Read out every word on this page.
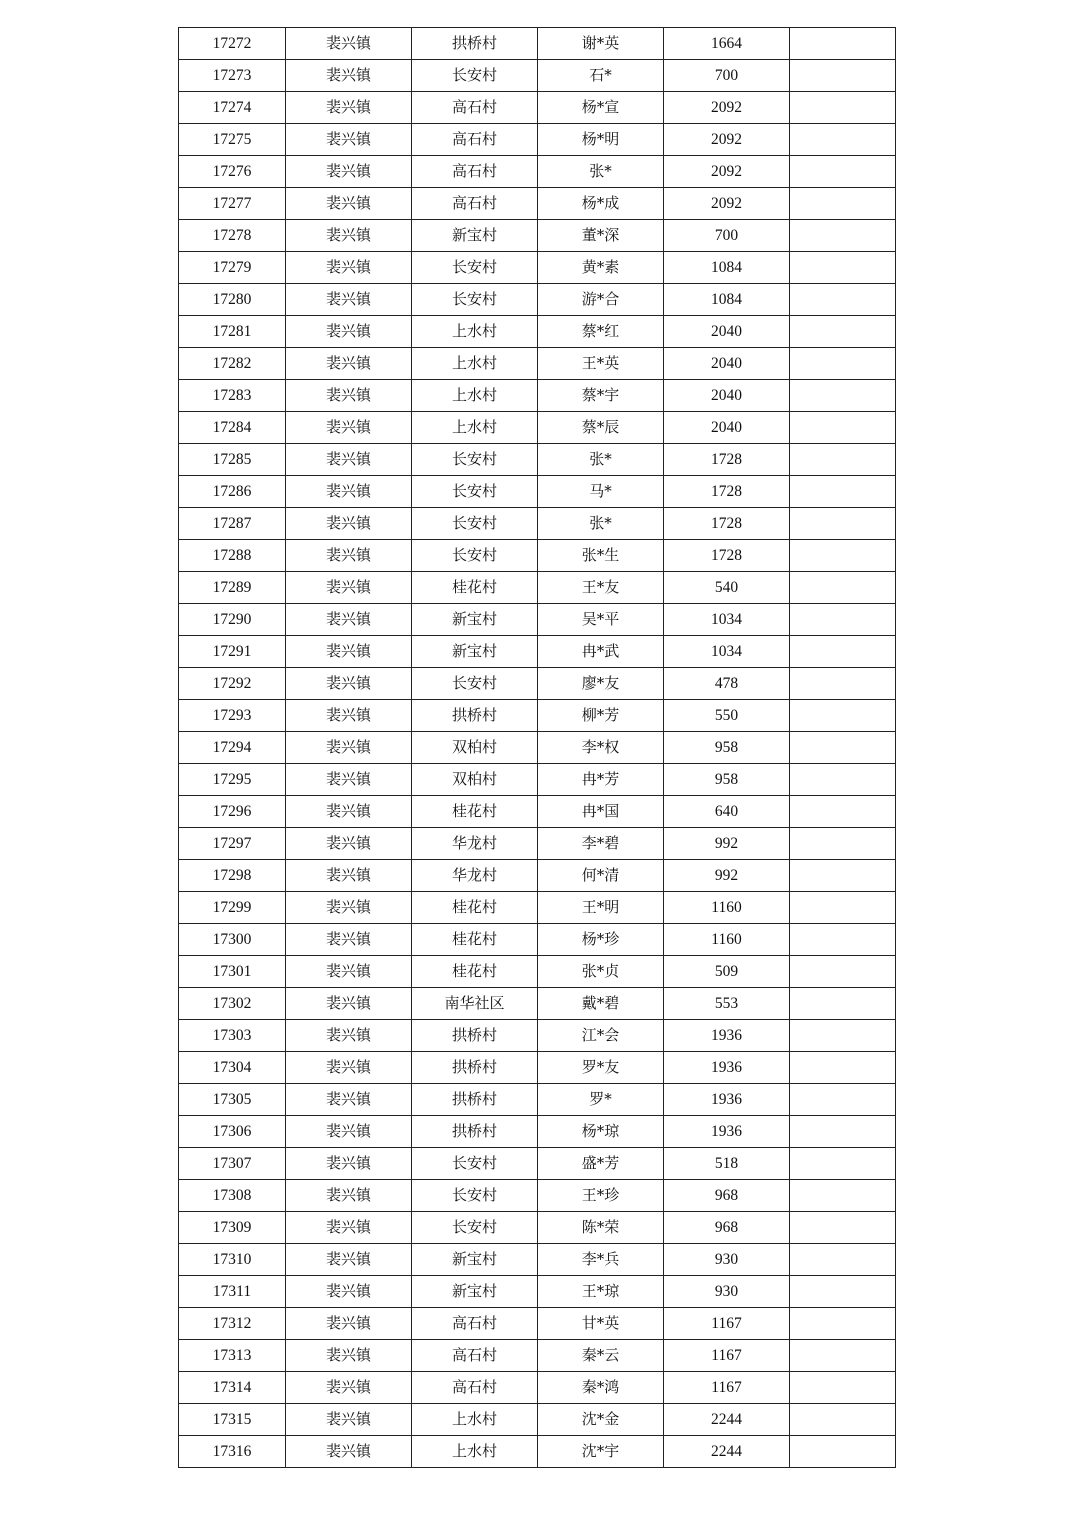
17272	裴兴镇	拱桥村	谢*英	1664	
17273	裴兴镇	长安村	石*	700	
17274	裴兴镇	高石村	杨*宣	2092	
17275	裴兴镇	高石村	杨*明	2092	
17276	裴兴镇	高石村	张*	2092	
17277	裴兴镇	高石村	杨*成	2092	
17278	裴兴镇	新宝村	董*深	700	
17279	裴兴镇	长安村	黄*素	1084	
17280	裴兴镇	长安村	游*合	1084	
17281	裴兴镇	上水村	蔡*红	2040	
17282	裴兴镇	上水村	王*英	2040	
17283	裴兴镇	上水村	蔡*宇	2040	
17284	裴兴镇	上水村	蔡*辰	2040	
17285	裴兴镇	长安村	张*	1728	
17286	裴兴镇	长安村	马*	1728	
17287	裴兴镇	长安村	张*	1728	
17288	裴兴镇	长安村	张*生	1728	
17289	裴兴镇	桂花村	王*友	540	
17290	裴兴镇	新宝村	吴*平	1034	
17291	裴兴镇	新宝村	冉*武	1034	
17292	裴兴镇	长安村	廖*友	478	
17293	裴兴镇	拱桥村	柳*芳	550	
17294	裴兴镇	双柏村	李*权	958	
17295	裴兴镇	双柏村	冉*芳	958	
17296	裴兴镇	桂花村	冉*国	640	
17297	裴兴镇	华龙村	李*碧	992	
17298	裴兴镇	华龙村	何*清	992	
17299	裴兴镇	桂花村	王*明	1160	
17300	裴兴镇	桂花村	杨*珍	1160	
17301	裴兴镇	桂花村	张*贞	509	
17302	裴兴镇	南华社区	戴*碧	553	
17303	裴兴镇	拱桥村	江*会	1936	
17304	裴兴镇	拱桥村	罗*友	1936	
17305	裴兴镇	拱桥村	罗*	1936	
17306	裴兴镇	拱桥村	杨*琼	1936	
17307	裴兴镇	长安村	盛*芳	518	
17308	裴兴镇	长安村	王*珍	968	
17309	裴兴镇	长安村	陈*荣	968	
17310	裴兴镇	新宝村	李*兵	930	
17311	裴兴镇	新宝村	王*琼	930	
17312	裴兴镇	高石村	甘*英	1167	
17313	裴兴镇	高石村	秦*云	1167	
17314	裴兴镇	高石村	秦*鸿	1167	
17315	裴兴镇	上水村	沈*金	2244	
17316	裴兴镇	上水村	沈*宇	2244	
